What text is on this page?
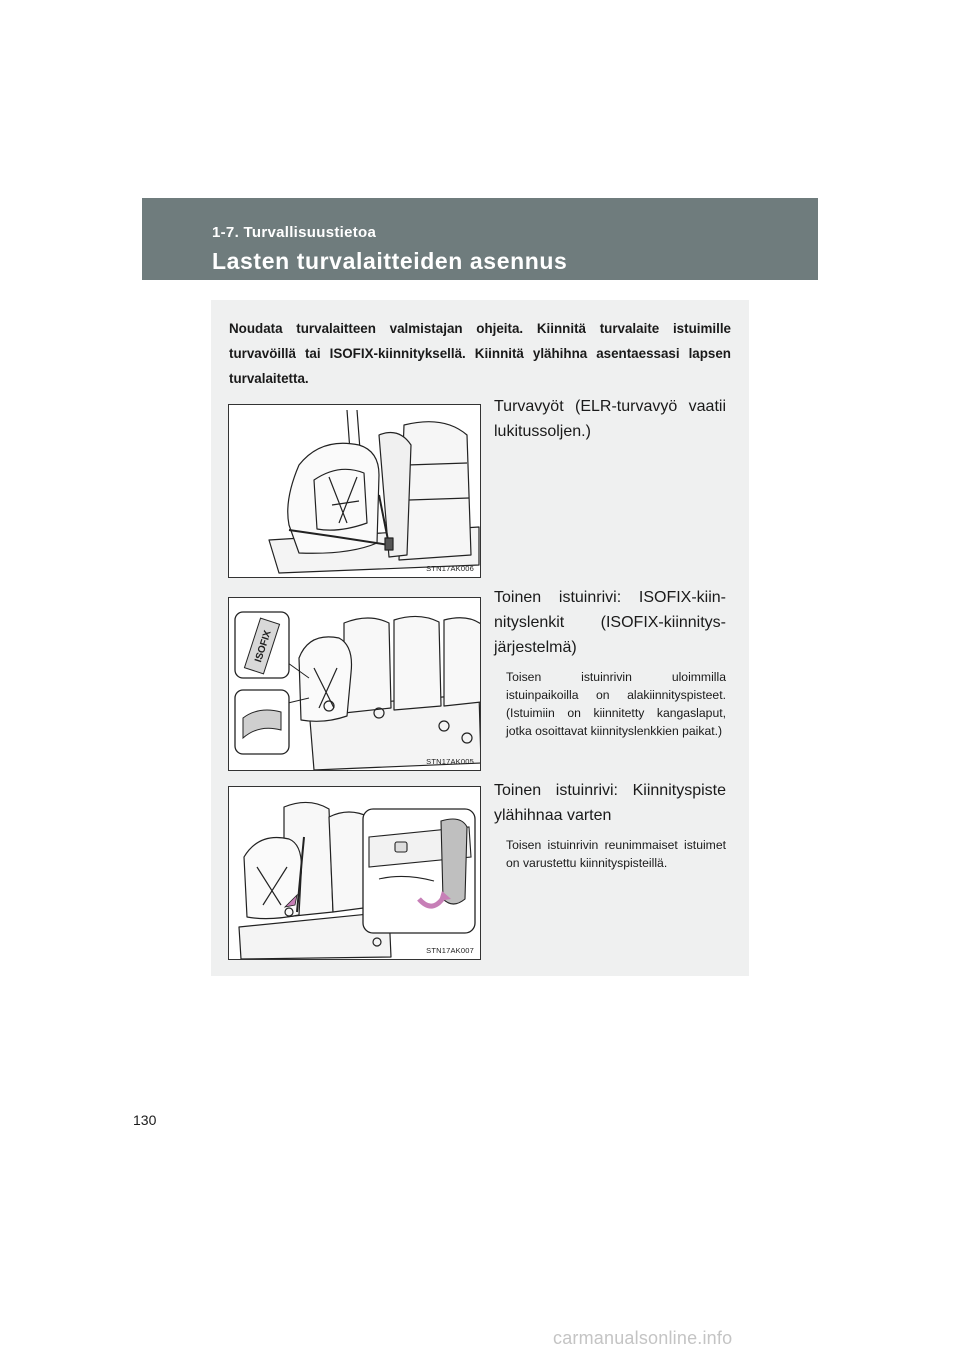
1-7. Turvallisuustietoa
Lasten turvalaitteiden asennus
Noudata turvalaitteen valmistajan ohjeita. Kiinnitä turvalaite istuimille turvavöillä tai ISOFIX-kiinnityksellä. Kiinnitä ylähihna asentaessasi lapsen turvalaitetta.
STN17AK006
ISOFIX
STN17AK005
STN17AK007
Turvavyöt (ELR-turvavyö vaatii lukitussoljen.)
Toinen istuinrivi: ISOFIX-kiinnityslenkit (ISOFIX-kiinnitysjärjestelmä)
Toisen istuinrivin uloimmilla istuinpaikoilla on alakiinnityspisteet. (Istuimiin on kiinnitetty kangaslaput, jotka osoittavat kiinnityslenkkien paikat.)
Toinen istuinrivi: Kiinnityspiste ylähihnaa varten
Toisen istuinrivin reunimmaiset istuimet on varustettu kiinnityspisteillä.
130
carmanualsonline.info
